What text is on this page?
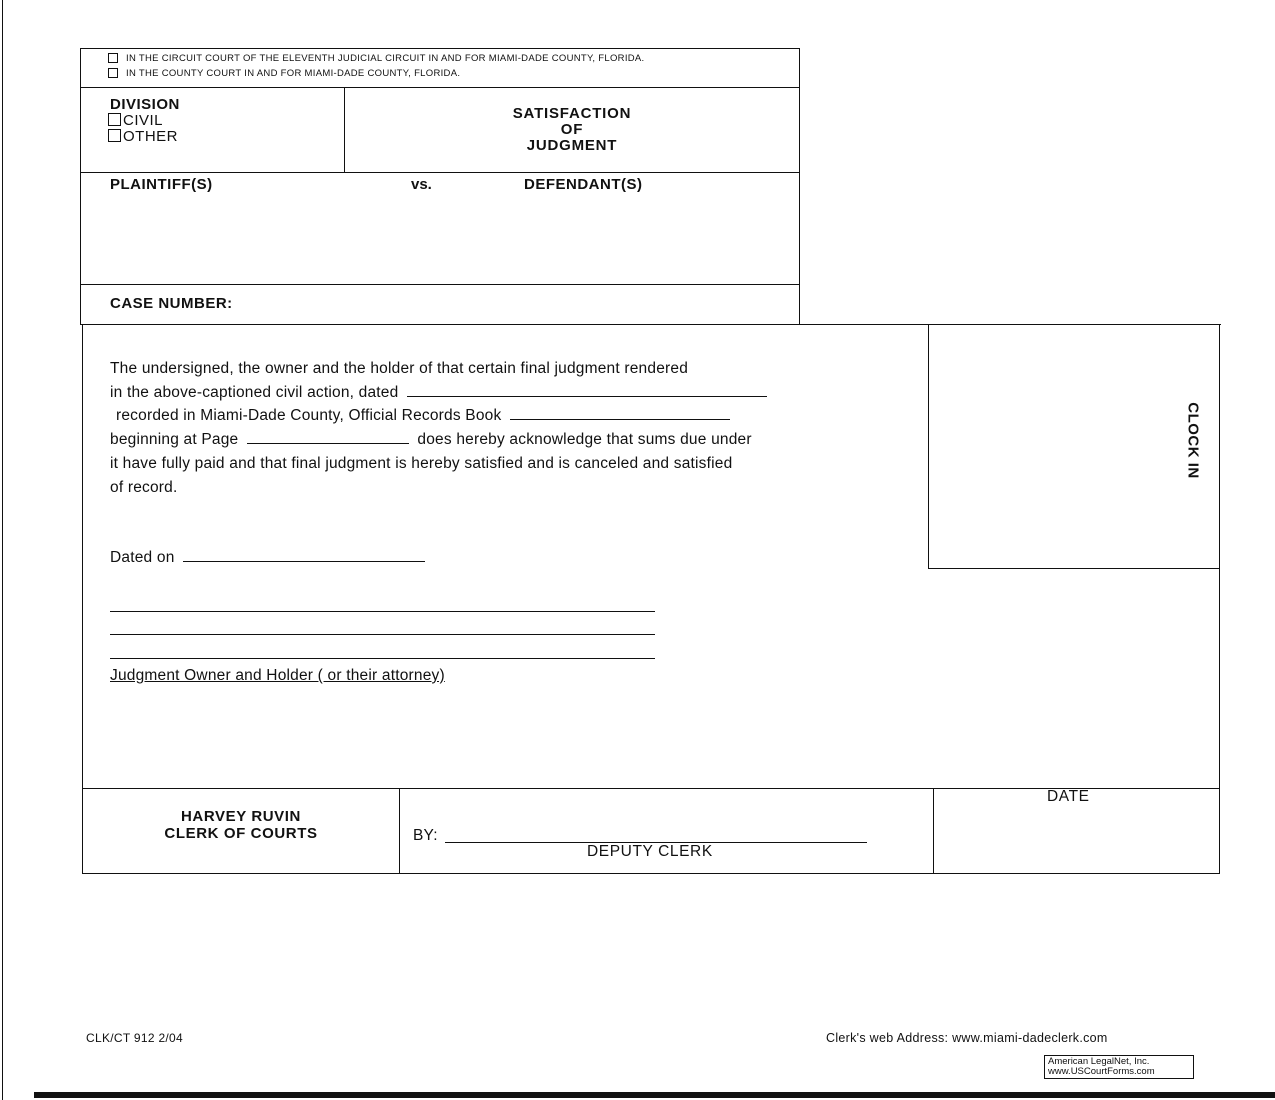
IN THE CIRCUIT COURT OF THE ELEVENTH JUDICIAL CIRCUIT IN AND FOR MIAMI-DADE COUNTY, FLORIDA.
IN THE COUNTY COURT IN AND FOR MIAMI-DADE COUNTY, FLORIDA.
DIVISION
CIVIL
OTHER
SATISFACTION
OF
JUDGMENT
PLAINTIFF(S)	vs.	DEFENDANT(S)
CASE NUMBER:
CLOCK IN
The undersigned, the owner and the holder of that certain final judgment rendered
in the above-captioned civil action, dated
recorded in Miami-Dade County, Official Records Book
beginning at Page	does hereby acknowledge that sums due under
it have fully paid and that final judgment is hereby satisfied and is canceled and satisfied
of record.
Dated on
Judgment Owner and Holder ( or their attorney)
HARVEY RUVIN
CLERK OF COURTS	BY:
DEPUTY CLERK
DATE
CLK/CT 912 2/04	Clerk's web Address: www.miami-dadeclerk.com
American LegalNet, Inc.
www.USCourtForms.com
